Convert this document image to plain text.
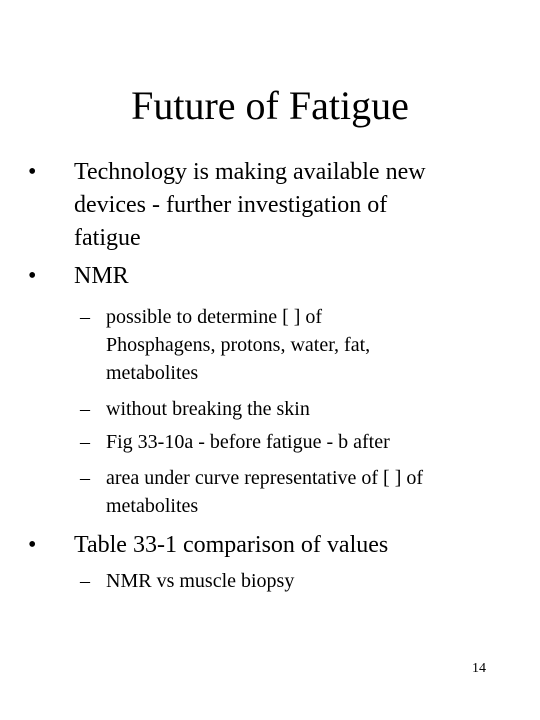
Future of Fatigue
• Technology is making available new
devices - further investigation of
fatigue
• NMR
– possible to determine [ ] of
Phosphagens, protons, water, fat,
metabolites
– without breaking the skin
– Fig 33-10a - before fatigue - b after
– area under curve representative of [ ] of
metabolites
• Table 33-1 comparison of values
– NMR vs muscle biopsy
14
